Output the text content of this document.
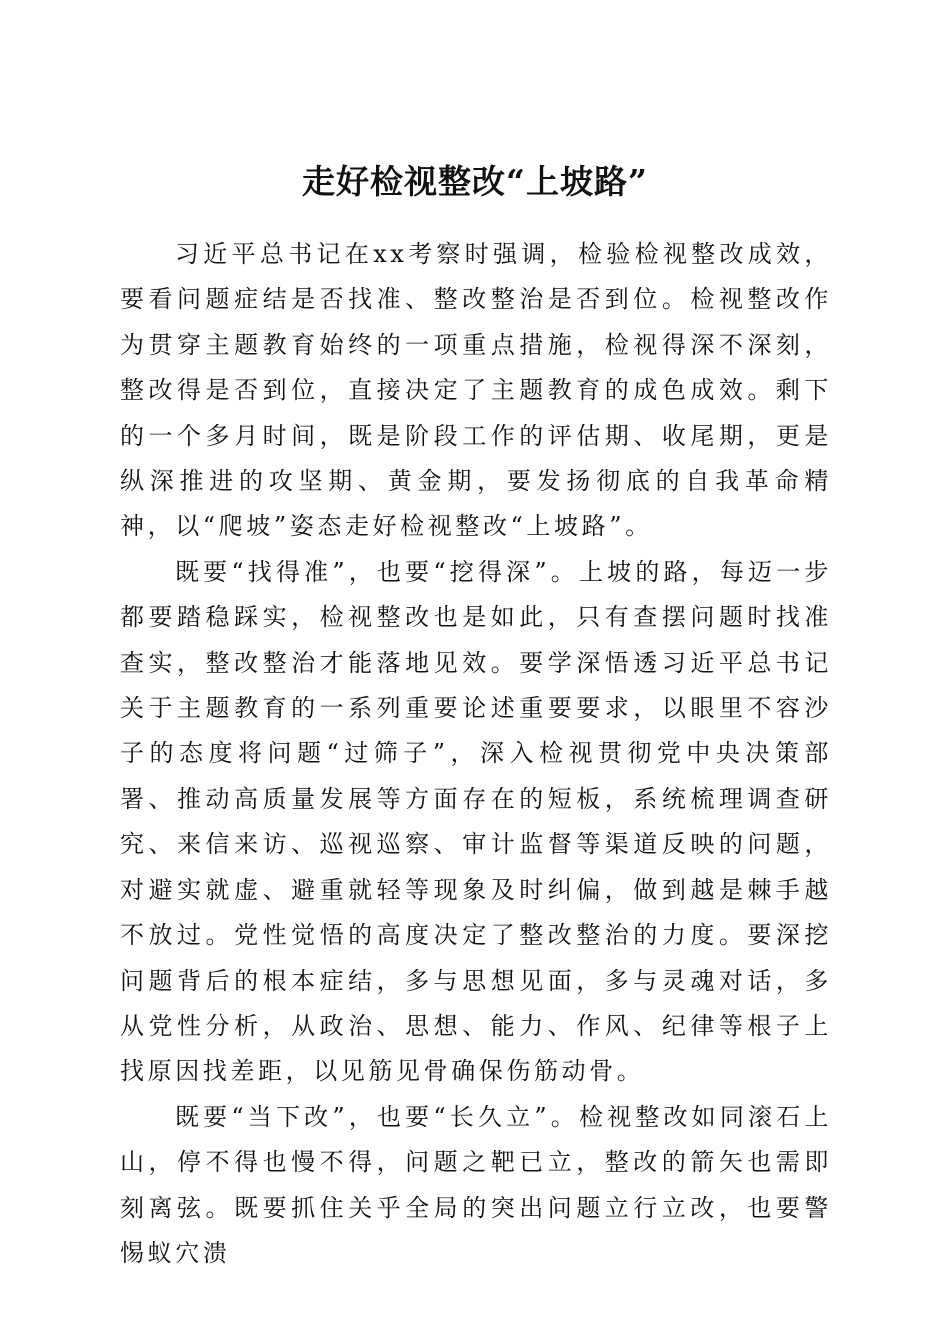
走好检视整改“上坡路”

习近平总书记在xx考察时强调，检验检视整改成效，要看问题症结是否找准、整改整治是否到位。检视整改作为贯穿主题教育始终的一项重点措施，检视得深不深刻，整改得是否到位，直接决定了主题教育的成色成效。剩下的一个多月时间，既是阶段工作的评估期、收尾期，更是纵深推进的攻坚期、黄金期，要发扬彻底的自我革命精神，以“爬坡”姿态走好检视整改“上坡路”。

既要“找得准”，也要“挖得深”。上坡的路，每迈一步都要踏稳踩实，检视整改也是如此，只有查摆问题时找准查实，整改整治才能落地见效。要学深悟透习近平总书记关于主题教育的一系列重要论述重要要求，以眼里不容沙子的态度将问题“过筛子”，深入检视贯彻党中央决策部署、推动高质量发展等方面存在的短板，系统梳理调查研究、来信来访、巡视巡察、审计监督等渠道反映的问题，对避实就虚、避重就轻等现象及时纠偏，做到越是棘手越不放过。党性觉悟的高度决定了整改整治的力度。要深挖问题背后的根本症结，多与思想见面，多与灵魂对话，多从党性分析，从政治、思想、能力、作风、纪律等根子上找原因找差距，以见筋见骨确保伤筋动骨。

既要“当下改”，也要“长久立”。检视整改如同滚石上山，停不得也慢不得，问题之靶已立，整改的箭矢也需即刻离弦。既要抓住关乎全局的突出问题立行立改，也要警惕蚁穴溃
